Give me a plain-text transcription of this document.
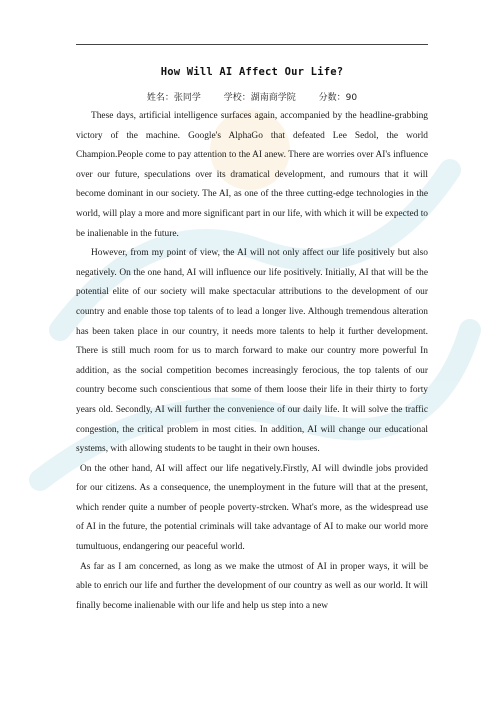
How Will AI Affect Our Life?

姓名：张同学	学校：湖南商学院	分数：90

These days, artificial intelligence surfaces again, accompanied by the headline-grabbing victory of the machine. Google's AlphaGo that defeated Lee Sedol, the world Champion.People come to pay attention to the AI anew. There are worries over AI's influence over our future, speculations over its dramatical development, and rumours that it will become dominant in our society. The AI, as one of the three cutting-edge technologies in the world, will play a more and more significant part in our life, with which it will be expected to be inalienable in the future.

However, from my point of view, the AI will not only affect our life positively but also negatively. On the one hand, AI will influence our life positively. Initially, AI that will be the potential elite of our society will make spectacular attributions to the development of our country and enable those top talents of to lead a longer live. Although tremendous alteration has been taken place in our country, it needs more talents to help it further development. There is still much room for us to march forward to make our country more powerful In addition, as the social competition becomes increasingly ferocious, the top talents of our country become such conscientious that some of them loose their life in their thirty to forty years old. Secondly, AI will further the convenience of our daily life. It will solve the traffic congestion, the critical problem in most cities. In addition, AI will change our educational systems, with allowing students to be taught in their own houses.

On the other hand, AI will affect our life negatively.Firstly, AI will dwindle jobs provided for our citizens. As a consequence, the unemployment in the future will that at the present, which render quite a number of people poverty-strcken. What's more, as the widespread use of AI in the future, the potential criminals will take advantage of AI to make our world more tumultuous, endangering our peaceful world.

As far as I am concerned, as long as we make the utmost of AI in proper ways, it will be able to enrich our life and further the development of our country as well as our world. It will finally become inalienable with our life and help us step into a new
